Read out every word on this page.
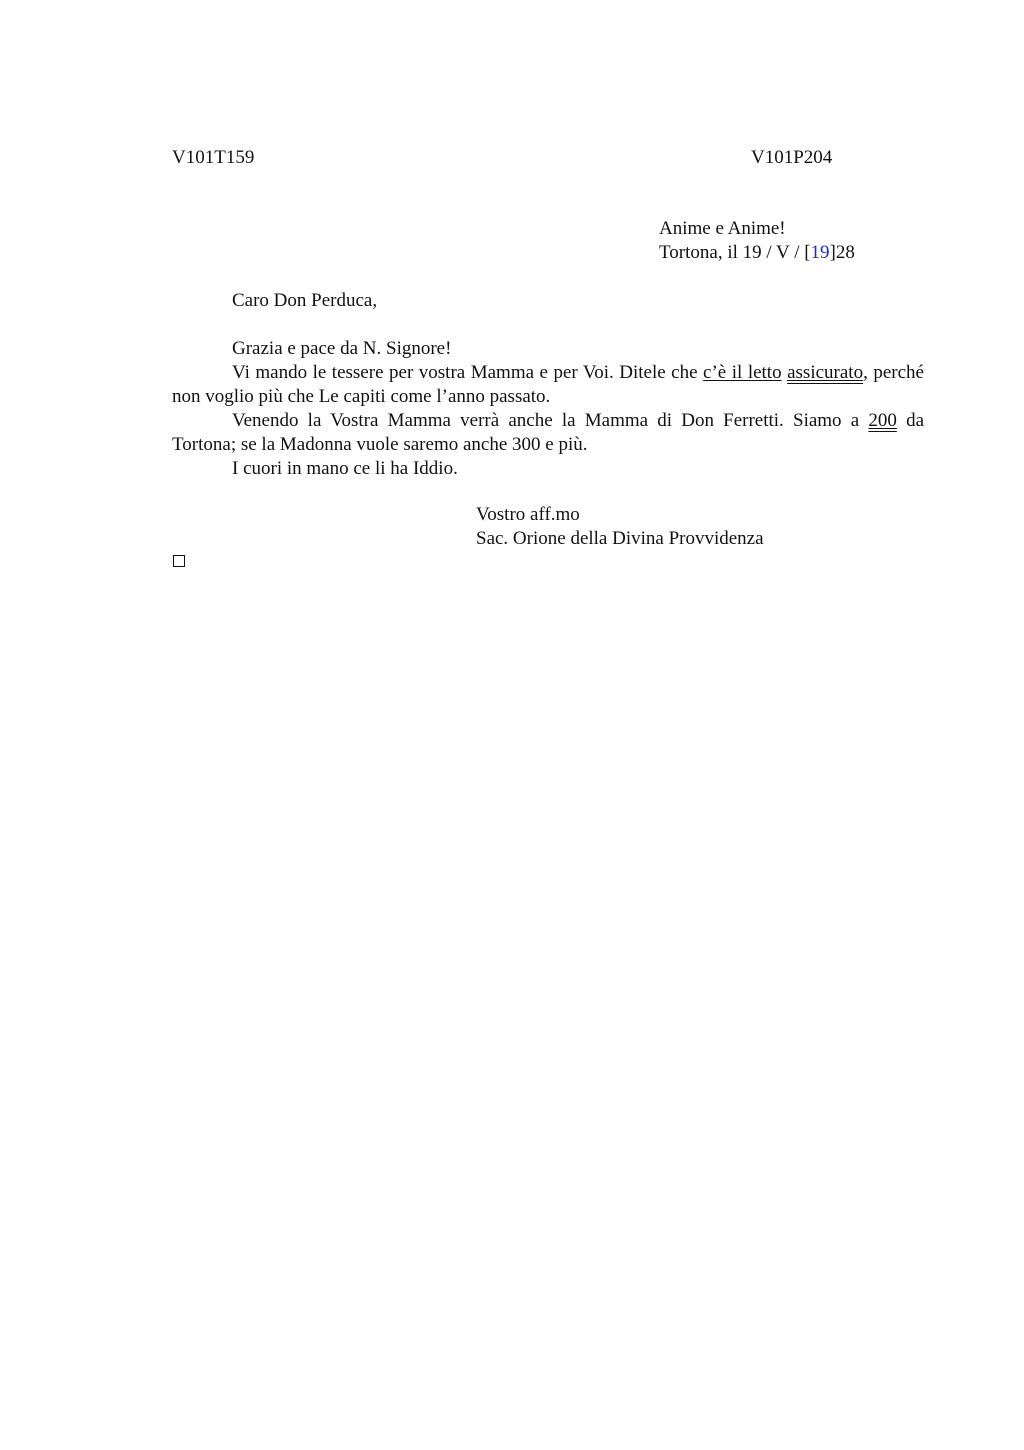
V101T159	V101P204
Anime e Anime!
Tortona, il 19 / V / [19]28
Caro Don Perduca,

Grazia e pace da N. Signore!

Vi mando le tessere per vostra Mamma e per Voi. Ditele che c’è il letto assicurato, perché non voglio più che Le capiti come l’anno passato.

Venendo la Vostra Mamma verrà anche la Mamma di Don Ferretti. Siamo a 200 da Tortona; se la Madonna vuole saremo anche 300 e più.

I cuori in mano ce li ha Iddio.

Vostro aff.mo
Sac. Orione della Divina Provvidenza
